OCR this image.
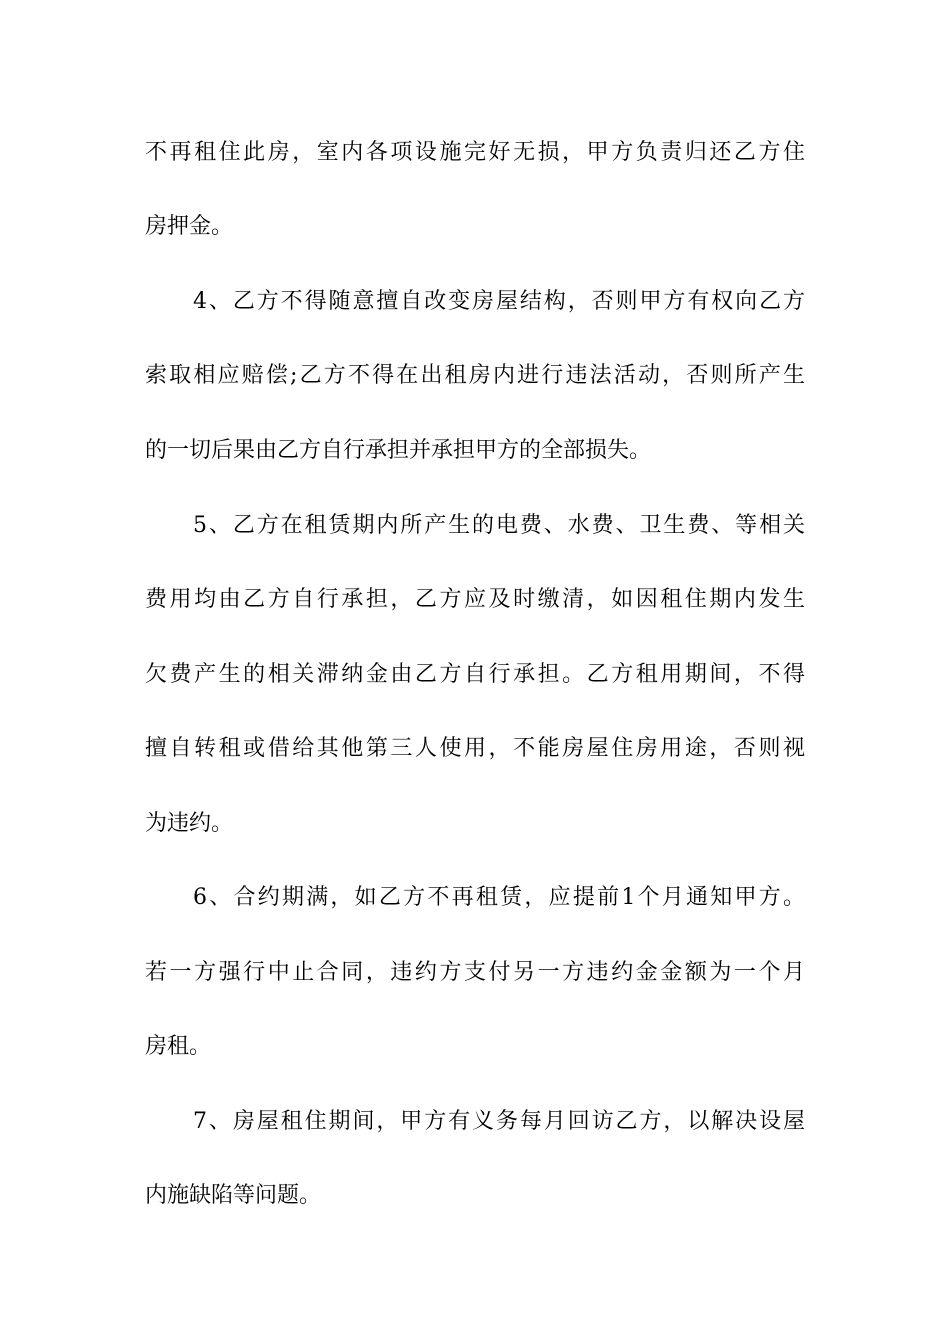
不再租住此房，室内各项设施完好无损，甲方负责归还乙方住
房押金。
4、乙方不得随意擅自改变房屋结构，否则甲方有权向乙方
索取相应赔偿;乙方不得在出租房内进行违法活动，否则所产生
的一切后果由乙方自行承担并承担甲方的全部损失。
5、乙方在租赁期内所产生的电费、水费、卫生费、等相关
费用均由乙方自行承担，乙方应及时缴清，如因租住期内发生
欠费产生的相关滞纳金由乙方自行承担。乙方租用期间，不得
擅自转租或借给其他第三人使用，不能房屋住房用途，否则视
为违约。
6、合约期满，如乙方不再租赁，应提前1个月通知甲方。
若一方强行中止合同，违约方支付另一方违约金金额为一个月
房租。
7、房屋租住期间，甲方有义务每月回访乙方，以解决设屋
内施缺陷等问题。
